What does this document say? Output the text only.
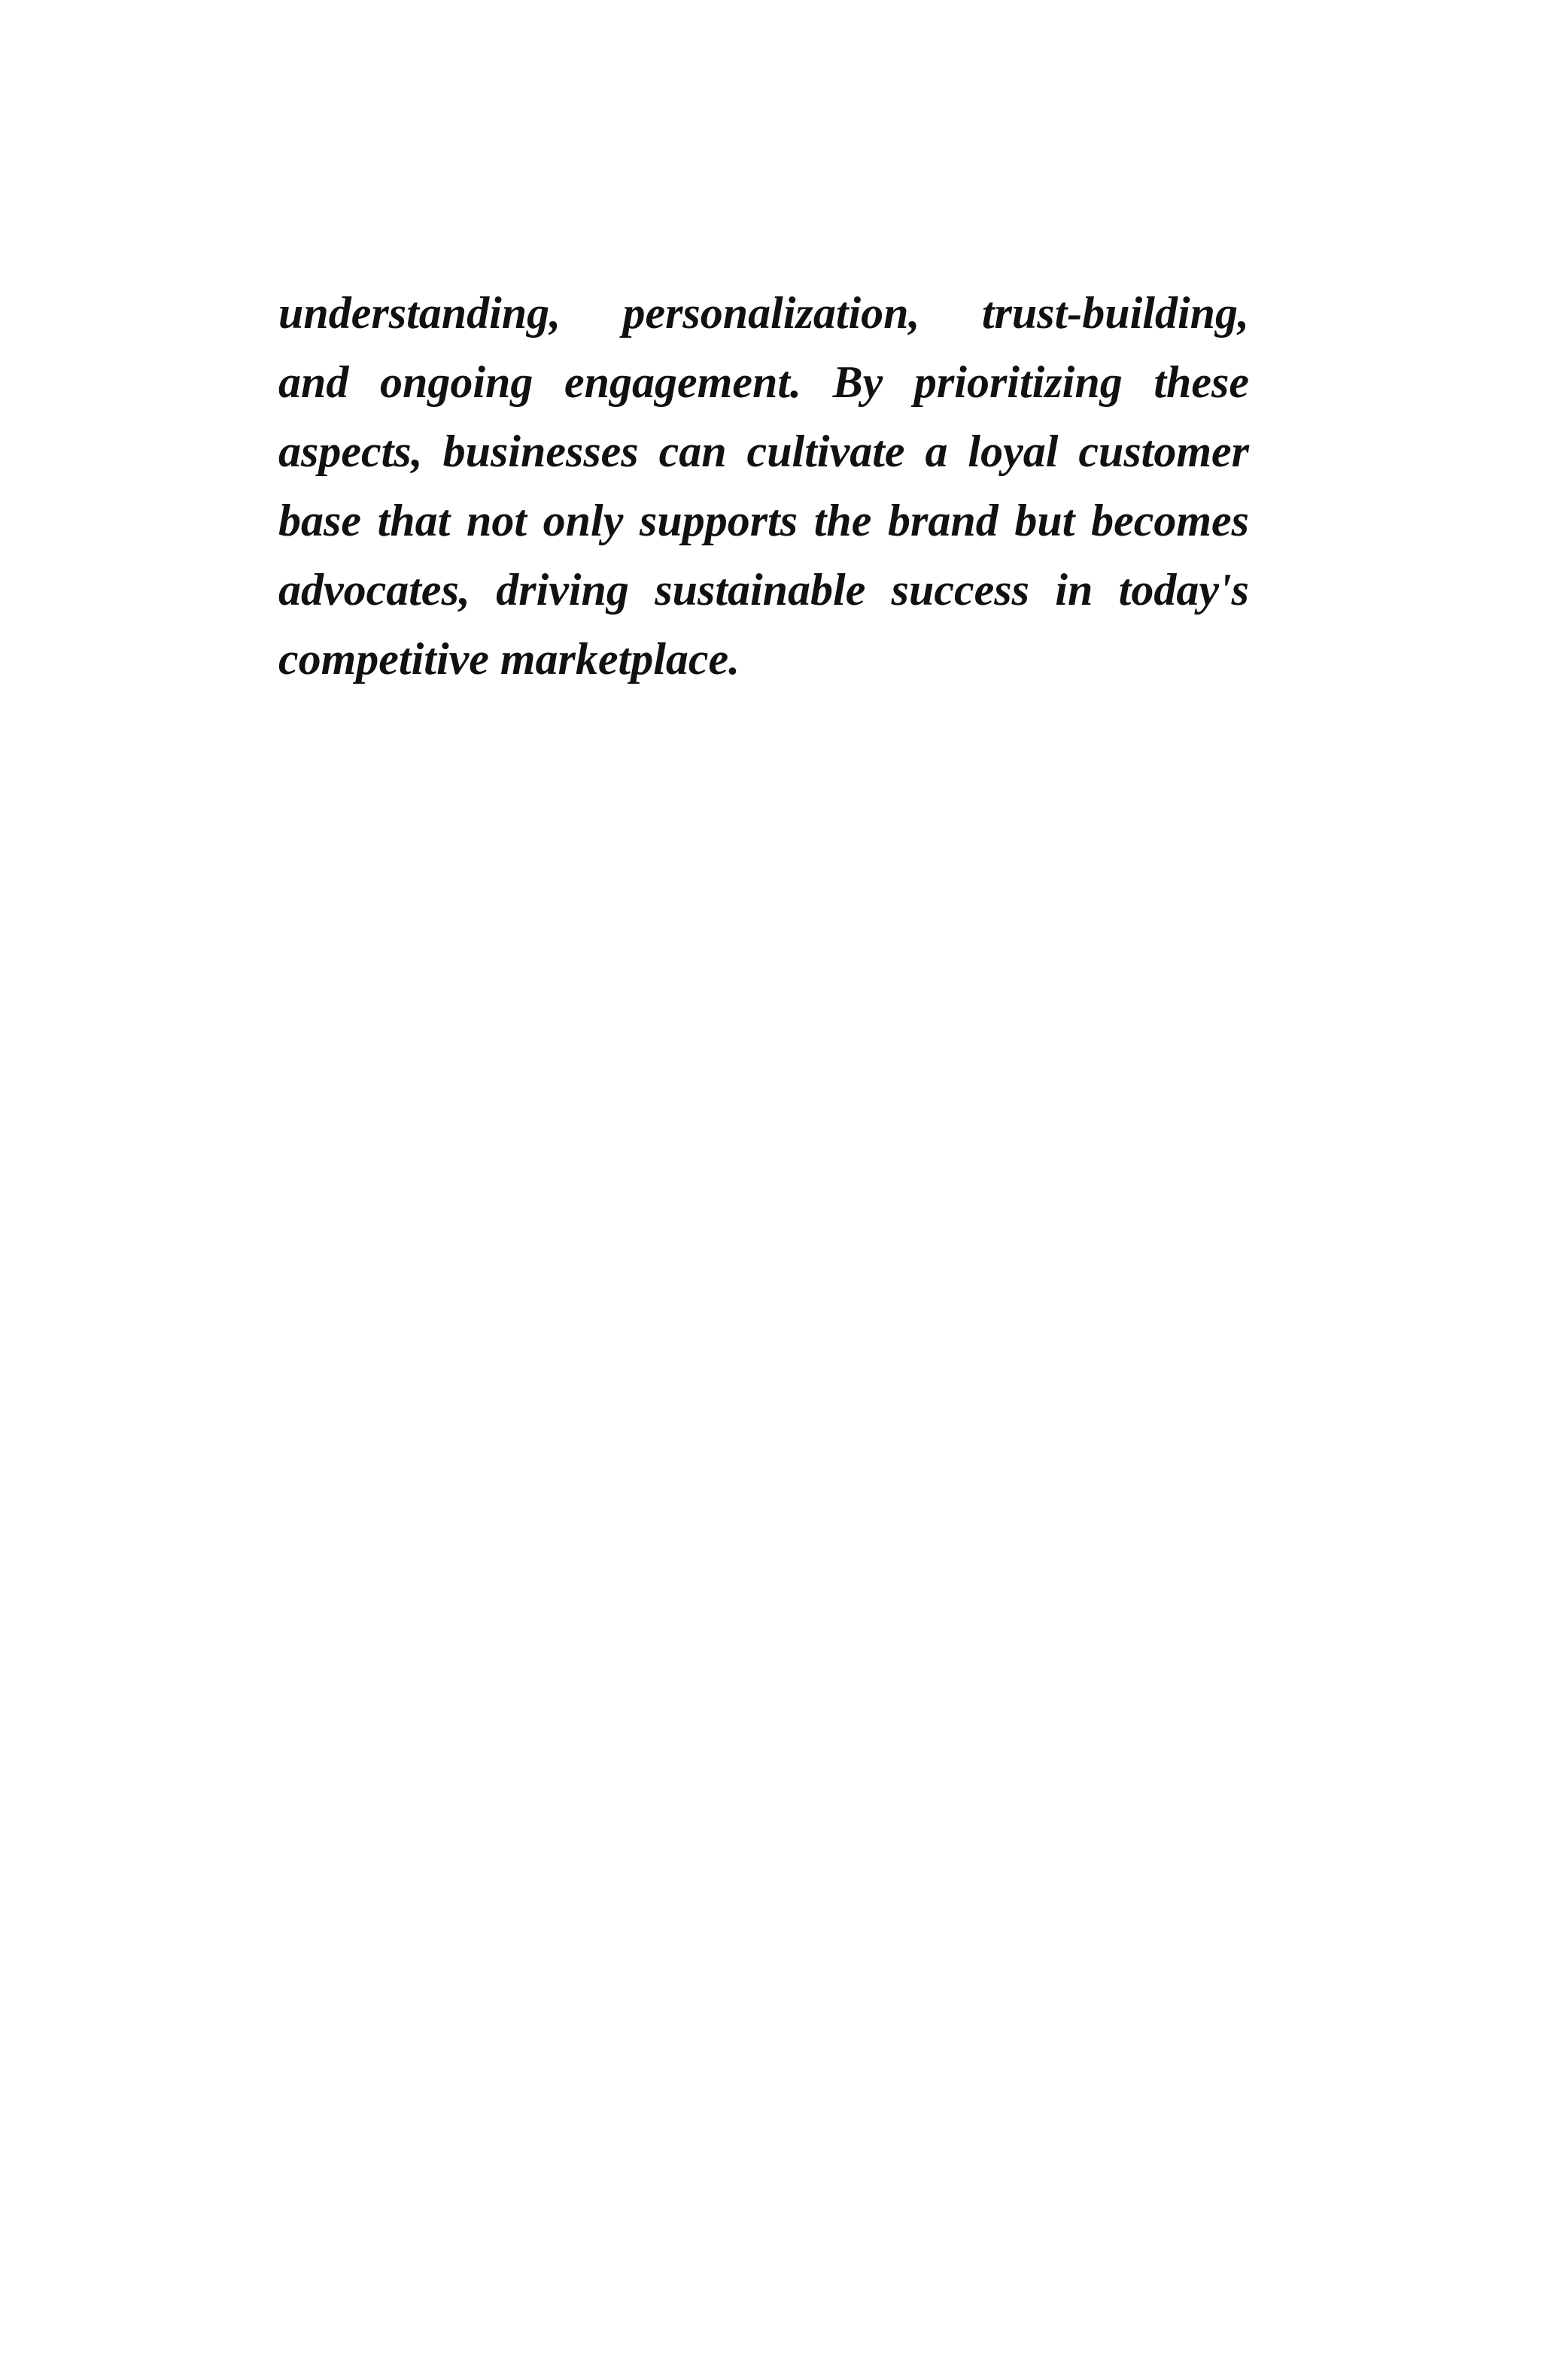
understanding, personalization, trust-building,
and ongoing engagement. By prioritizing these
aspects, businesses can cultivate a loyal customer
base that not only supports the brand but becomes
advocates, driving sustainable success in today's
competitive marketplace.
